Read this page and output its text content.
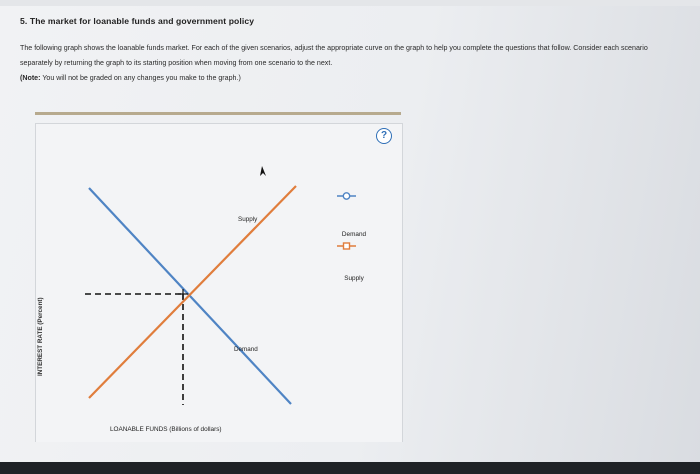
5. The market for loanable funds and government policy
The following graph shows the loanable funds market. For each of the given scenarios, adjust the appropriate curve on the graph to help you complete the questions that follow. Consider each scenario separately by returning the graph to its starting position when moving from one scenario to the next.
(Note: You will not be graded on any changes you make to the graph.)
?
INTEREST RATE (Percent)
LOANABLE FUNDS (Billions of dollars)
Supply
Demand
Demand
Supply
